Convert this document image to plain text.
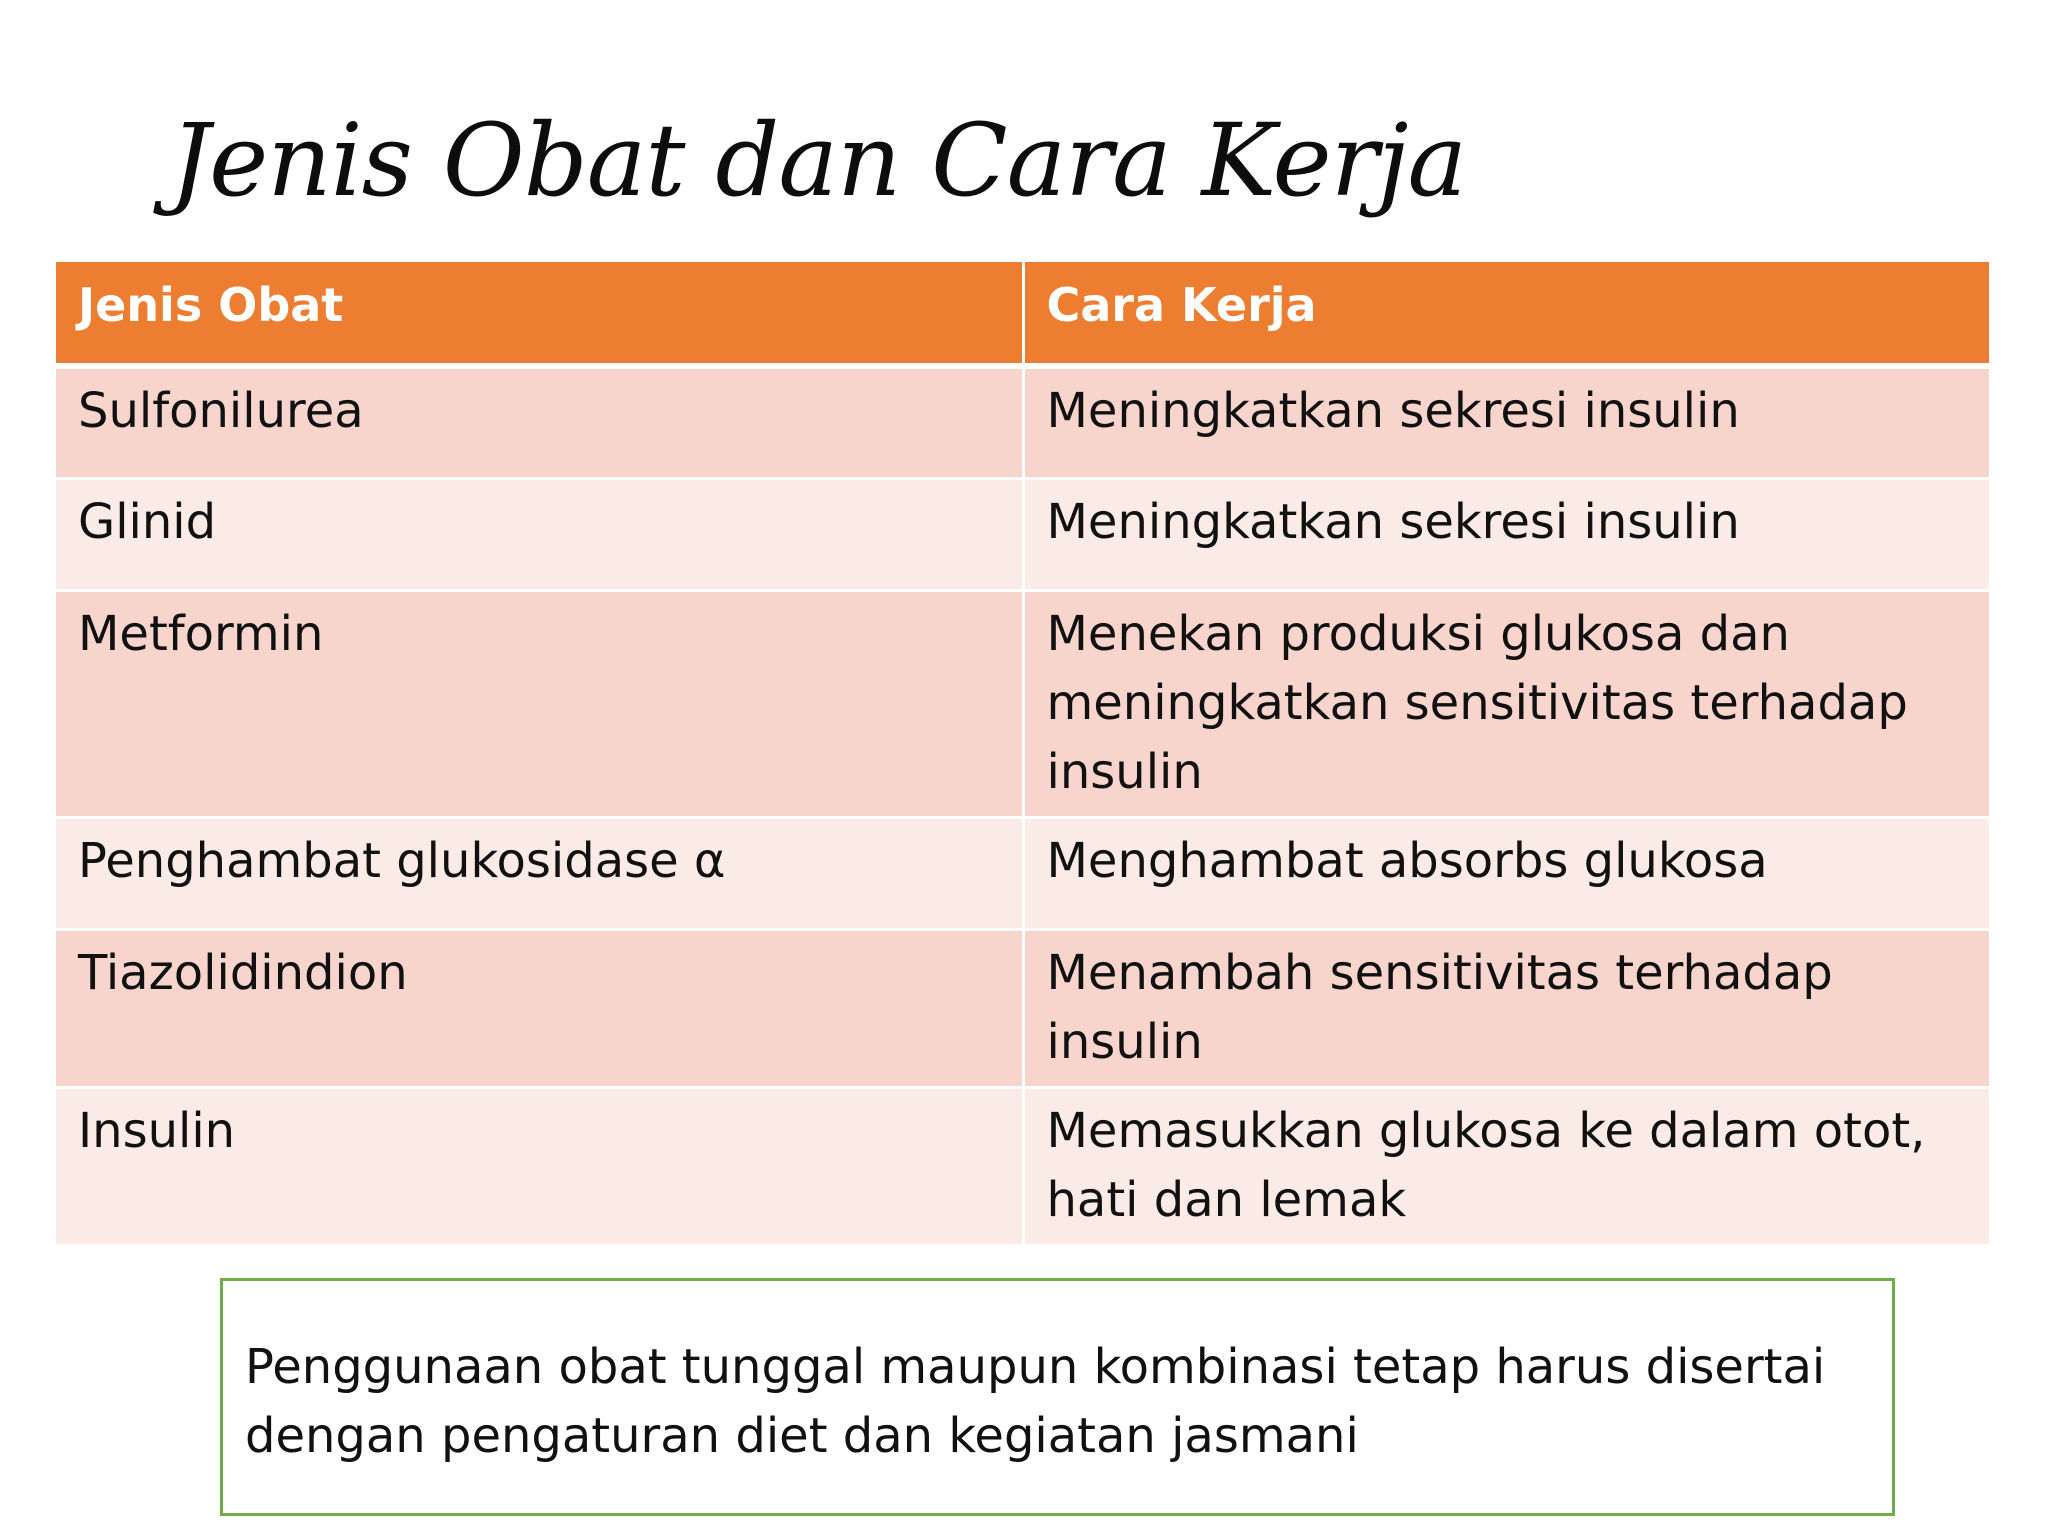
Jenis Obat dan Cara Kerja
Jenis Obat	Cara Kerja
Sulfonilurea	Meningkatkan sekresi insulin
Glinid	Meningkatkan sekresi insulin
Metformin	Menekan produksi glukosa dan meningkatkan sensitivitas terhadap insulin
Penghambat glukosidase α	Menghambat absorbs glukosa
Tiazolidindion	Menambah sensitivitas terhadap insulin
Insulin	Memasukkan glukosa ke dalam otot, hati dan lemak

Penggunaan obat tunggal maupun kombinasi tetap harus disertai dengan pengaturan diet dan kegiatan jasmani
